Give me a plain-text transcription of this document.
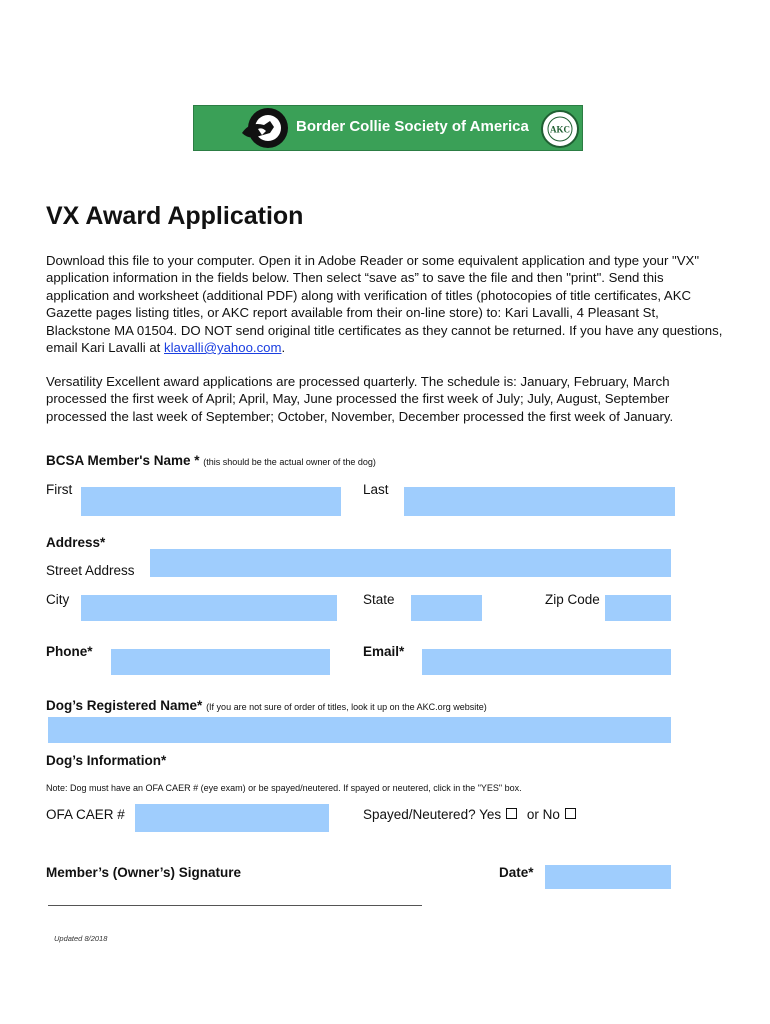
Border Collie Society of America AKC
VX Award Application
Download this file to your computer. Open it in Adobe Reader or some equivalent application and type your "VX" application information in the fields below. Then select “save as” to save the file and then "print". Send this application and worksheet (additional PDF) along with verification of titles (photocopies of title certificates, AKC Gazette pages listing titles, or AKC report available from their on-line store) to: Kari Lavalli, 4 Pleasant St, Blackstone MA 01504. DO NOT send original title certificates as they cannot be returned. If you have any questions, email Kari Lavalli at klavalli@yahoo.com.
Versatility Excellent award applications are processed quarterly. The schedule is: January, February, March processed the first week of April; April, May, June processed the first week of July; July, August, September processed the last week of September; October, November, December processed the first week of January.
BCSA Member's Name * (this should be the actual owner of the dog)
First	Last
Address*
Street Address
City	State	Zip Code
Phone*	Email*
Dog’s Registered Name* (If you are not sure of order of titles, look it up on the AKC.org website)
Dog’s Information*
Note: Dog must have an OFA CAER # (eye exam) or be spayed/neutered. If spayed or neutered, click in the "YES" box.
OFA CAER #	Spayed/Neutered? Yes or No
Member’s (Owner’s) Signature	Date*
Updated 8/2018
